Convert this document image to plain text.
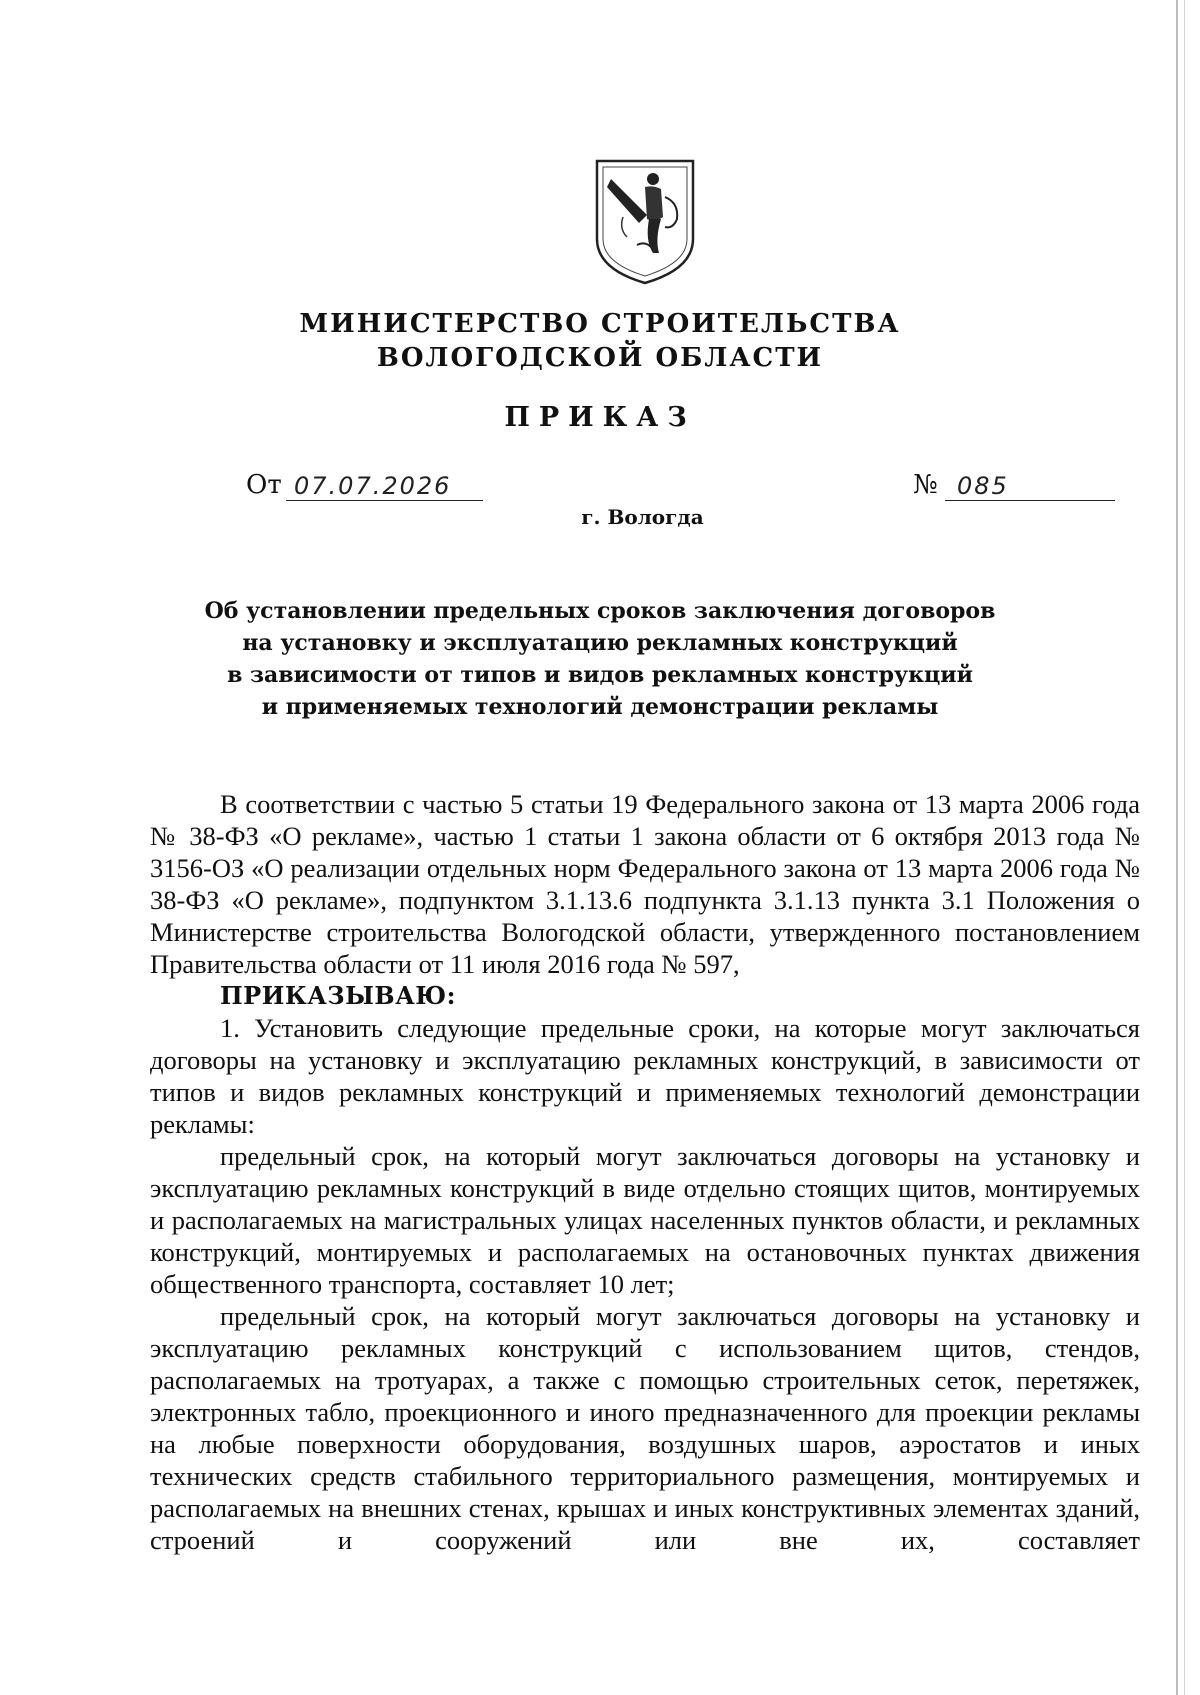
МИНИСТЕРСТВО СТРОИТЕЛЬСТВА
ВОЛОГОДСКОЙ ОБЛАСТИ
ПРИКАЗ
От 07.07.2026	№ 085
г. Вологда
Об установлении предельных сроков заключения договоров
на установку и эксплуатацию рекламных конструкций
в зависимости от типов и видов рекламных конструкций
и применяемых технологий демонстрации рекламы

В соответствии с частью 5 статьи 19 Федерального закона от 13 марта 2006 года № 38-ФЗ «О рекламе», частью 1 статьи 1 закона области от 6 октября 2013 года № 3156-ОЗ «О реализации отдельных норм Федерального закона от 13 марта 2006 года № 38-ФЗ «О рекламе», подпунктом 3.1.13.6 подпункта 3.1.13 пункта 3.1 Положения о Министерстве строительства Вологодской области, утвержденного постановлением Правительства области от 11 июля 2016 года № 597,

ПРИКАЗЫВАЮ:

1. Установить следующие предельные сроки, на которые могут заключаться договоры на установку и эксплуатацию рекламных конструкций, в зависимости от типов и видов рекламных конструкций и применяемых технологий демонстрации рекламы:

предельный срок, на который могут заключаться договоры на установку и эксплуатацию рекламных конструкций в виде отдельно стоящих щитов, монтируемых и располагаемых на магистральных улицах населенных пунктов области, и рекламных конструкций, монтируемых и располагаемых на остановочных пунктах движения общественного транспорта, составляет 10 лет;

предельный срок, на который могут заключаться договоры на установку и эксплуатацию рекламных конструкций с использованием щитов, стендов, располагаемых на тротуарах, а также с помощью строительных сеток, перетяжек, электронных табло, проекционного и иного предназначенного для проекции рекламы на любые поверхности оборудования, воздушных шаров, аэростатов и иных технических средств стабильного территориального размещения, монтируемых и располагаемых на внешних стенах, крышах и иных конструктивных элементах зданий, строений и сооружений или вне их, составляет
